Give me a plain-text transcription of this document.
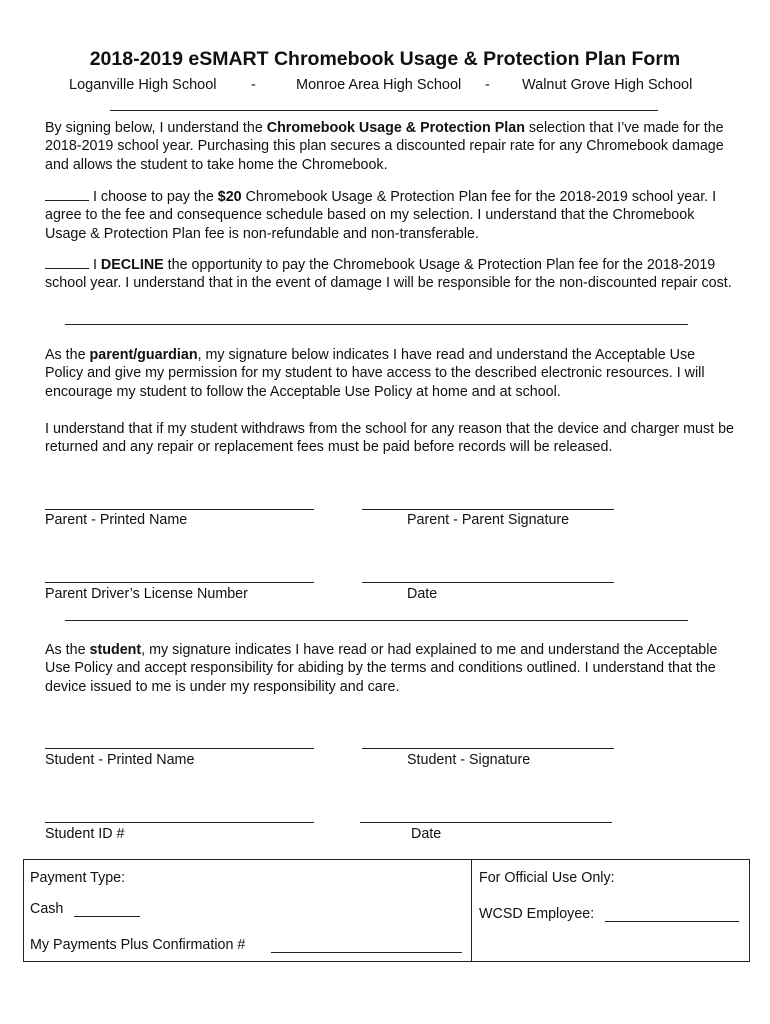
2018-2019 eSMART Chromebook Usage & Protection Plan Form
Loganville High School -	Monroe Area High School - Walnut Grove High School

By signing below, I understand the Chromebook Usage & Protection Plan selection that I’ve made for the 2018-2019 school year. Purchasing this plan secures a discounted repair rate for any Chromebook damage and allows the student to take home the Chromebook.

I choose to pay the $20 Chromebook Usage & Protection Plan fee for the 2018-2019 school year. I agree to the fee and consequence schedule based on my selection. I understand that the Chromebook Usage & Protection Plan fee is non-refundable and non-transferable.

I DECLINE the opportunity to pay the Chromebook Usage & Protection Plan fee for the 2018-2019 school year. I understand that in the event of damage I will be responsible for the non-discounted repair cost.

As the parent/guardian, my signature below indicates I have read and understand the Acceptable Use Policy and give my permission for my student to have access to the described electronic resources. I will encourage my student to follow the Acceptable Use Policy at home and at school.

I understand that if my student withdraws from the school for any reason that the device and charger must be returned and any repair or replacement fees must be paid before records will be released.

Parent - Printed Name	Parent - Parent Signature
Parent Driver’s License Number	Date

As the student, my signature indicates I have read or had explained to me and understand the Acceptable Use Policy and accept responsibility for abiding by the terms and conditions outlined. I understand that the device issued to me is under my responsibility and care.

Student - Printed Name	Student - Signature
Student ID #	Date
Payment Type:
Cash
My Payments Plus Confirmation #
For Official Use Only:
WCSD Employee:
